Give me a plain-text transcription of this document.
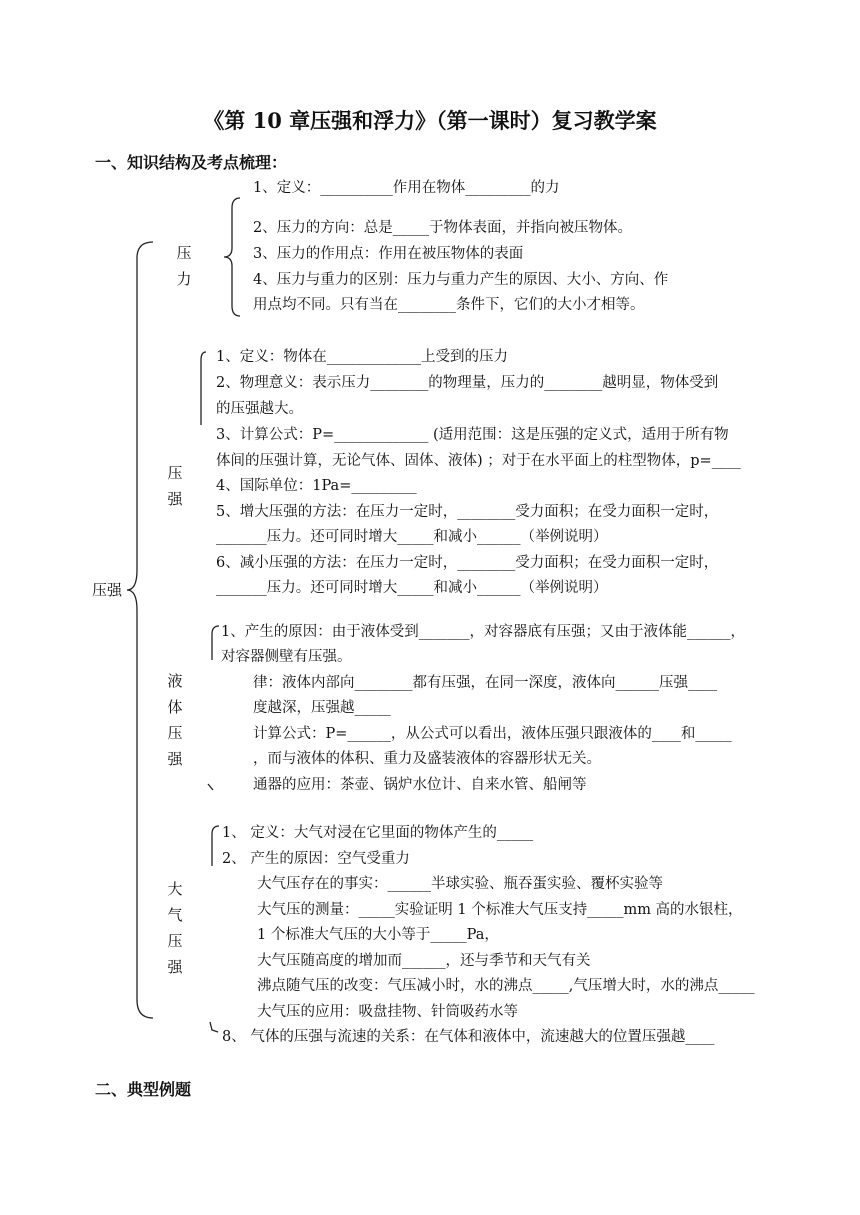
《第 10 章压强和浮力》（第一课时）复习教学案
一、知识结构及考点梳理：
二、典型例题
压强
压力
1、定义：__________作用在物体_________的力
2、压力的方向：总是_____于物体表面，并指向被压物体。
3、压力的作用点：作用在被压物体的表面
4、压力与重力的区别：压力与重力产生的原因、大小、方向、作
用点均不同。只有当在________条件下，它们的大小才相等。
压强
1、定义：物体在_____________上受到的压力
2、物理意义：表示压力________的物理量，压力的________越明显，物体受到
的压强越大。
3、计算公式：P=_____________ (适用范围：这是压强的定义式，适用于所有物
体间的压强计算，无论气体、固体、液体) ；对于在水平面上的柱型物体，p=____
4、国际单位：1Pa=_________
5、增大压强的方法：在压力一定时，________受力面积；在受力面积一定时，
_______压力。还可同时增大_____和减小______（举例说明）
6、减小压强的方法：在压力一定时，________受力面积；在受力面积一定时，
_______压力。还可同时增大_____和减小______（举例说明）
液体压强
1、产生的原因：由于液体受到_______，对容器底有压强；又由于液体能______，
对容器侧壁有压强。
律：液体内部向________都有压强，在同一深度，液体向______压强____
度越深，压强越_____
计算公式：P=______，从公式可以看出，液体压强只跟液体的____和_____
，而与液体的体积、重力及盛装液体的容器形状无关。
通器的应用：茶壶、锅炉水位计、自来水管、船闸等
大气压强
1、 定义：大气对浸在它里面的物体产生的_____
2、 产生的原因：空气受重力
大气压存在的事实：______半球实验、瓶吞蛋实验、覆杯实验等
大气压的测量：_____实验证明 1 个标准大气压支持_____mm 高的水银柱，
1 个标准大气压的大小等于_____Pa，
大气压随高度的增加而______，还与季节和天气有关
沸点随气压的改变：气压减小时，水的沸点_____,气压增大时，水的沸点_____
大气压的应用：吸盘挂物、针筒吸药水等
8、 气体的压强与流速的关系：在气体和液体中，流速越大的位置压强越____
